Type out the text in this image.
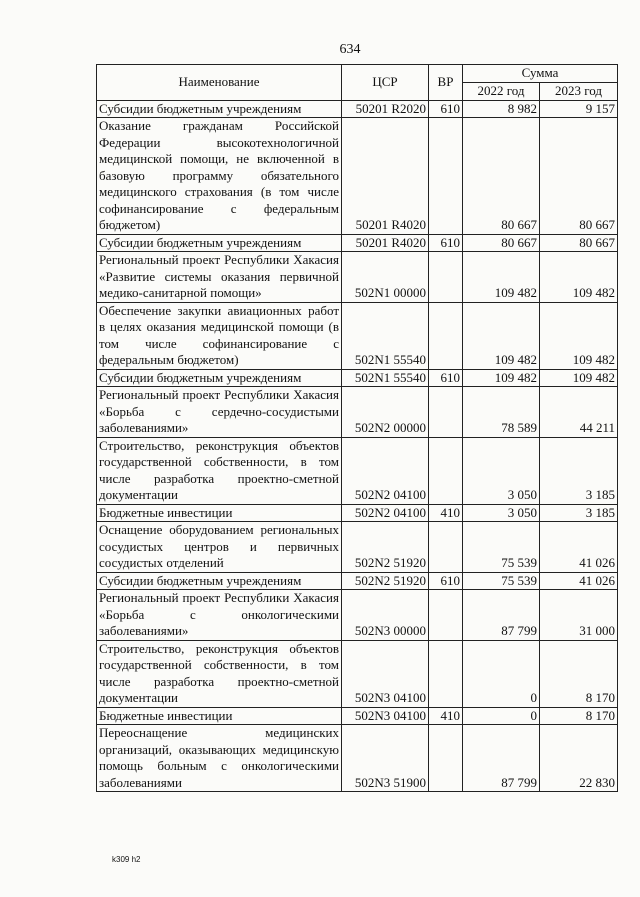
634
Наименование	ЦСР	ВР	Сумма	
			2022 год	2023 год
Субсидии бюджетным учреждениям	50201 R2020	610	8 982	9 157
Оказание гражданам Российской Федерации высокотехнологичной медицинской помощи, не включенной в базовую программу обязательного медицинского страхования (в том числе софинансирование с федеральным бюджетом)	50201 R4020		80 667	80 667
Субсидии бюджетным учреждениям	50201 R4020	610	80 667	80 667
Региональный проект Республики Хакасия «Развитие системы оказания первичной медико-санитарной помощи»	502N1 00000		109 482	109 482
Обеспечение закупки авиационных работ в целях оказания медицинской помощи (в том числе софинансирование с федеральным бюджетом)	502N1 55540		109 482	109 482
Субсидии бюджетным учреждениям	502N1 55540	610	109 482	109 482
Региональный проект Республики Хакасия «Борьба с сердечно-сосудистыми заболеваниями»	502N2 00000		78 589	44 211
Строительство, реконструкция объектов государственной собственности, в том числе разработка проектно-сметной документации	502N2 04100		3 050	3 185
Бюджетные инвестиции	502N2 04100	410	3 050	3 185
Оснащение оборудованием региональных сосудистых центров и первичных сосудистых отделений	502N2 51920		75 539	41 026
Субсидии бюджетным учреждениям	502N2 51920	610	75 539	41 026
Региональный проект Республики Хакасия «Борьба с онкологическими заболеваниями»	502N3 00000		87 799	31 000
Строительство, реконструкция объектов государственной собственности, в том числе разработка проектно-сметной документации	502N3 04100		0	8 170
Бюджетные инвестиции	502N3 04100	410	0	8 170
Переоснащение медицинских организаций, оказывающих медицинскую помощь больным с онкологическими заболеваниями	502N3 51900		87 799	22 830
k309 h2
